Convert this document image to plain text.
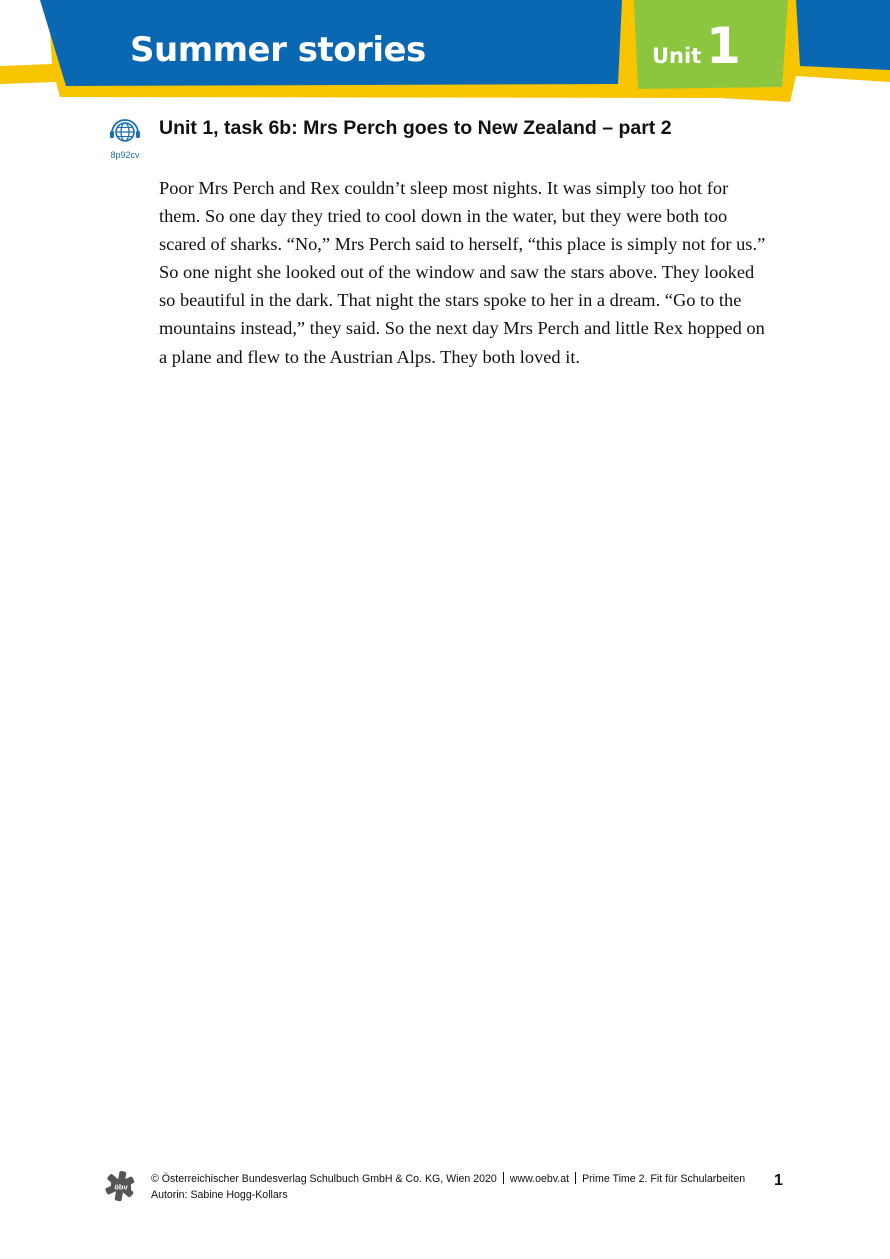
Summer stories	Unit 1
8p92cv
Unit 1, task 6b: Mrs Perch goes to New Zealand – part 2
Poor Mrs Perch and Rex couldn’t sleep most nights. It was simply too hot for
them. So one day they tried to cool down in the water, but they were both too
scared of sharks. “No,” Mrs Perch said to herself, “this place is simply not for us.”
So one night she looked out of the window and saw the stars above. They looked
so beautiful in the dark. That night the stars spoke to her in a dream. “Go to the
mountains instead,” they said. So the next day Mrs Perch and little Rex hopped on
a plane and flew to the Austrian Alps. They both loved it.
öbv
© Österreichischer Bundesverlag Schulbuch GmbH & Co. KG, Wien 2020 www.oebv.at Prime Time 2. Fit für Schularbeiten
Autorin: Sabine Hogg-Kollars
1
